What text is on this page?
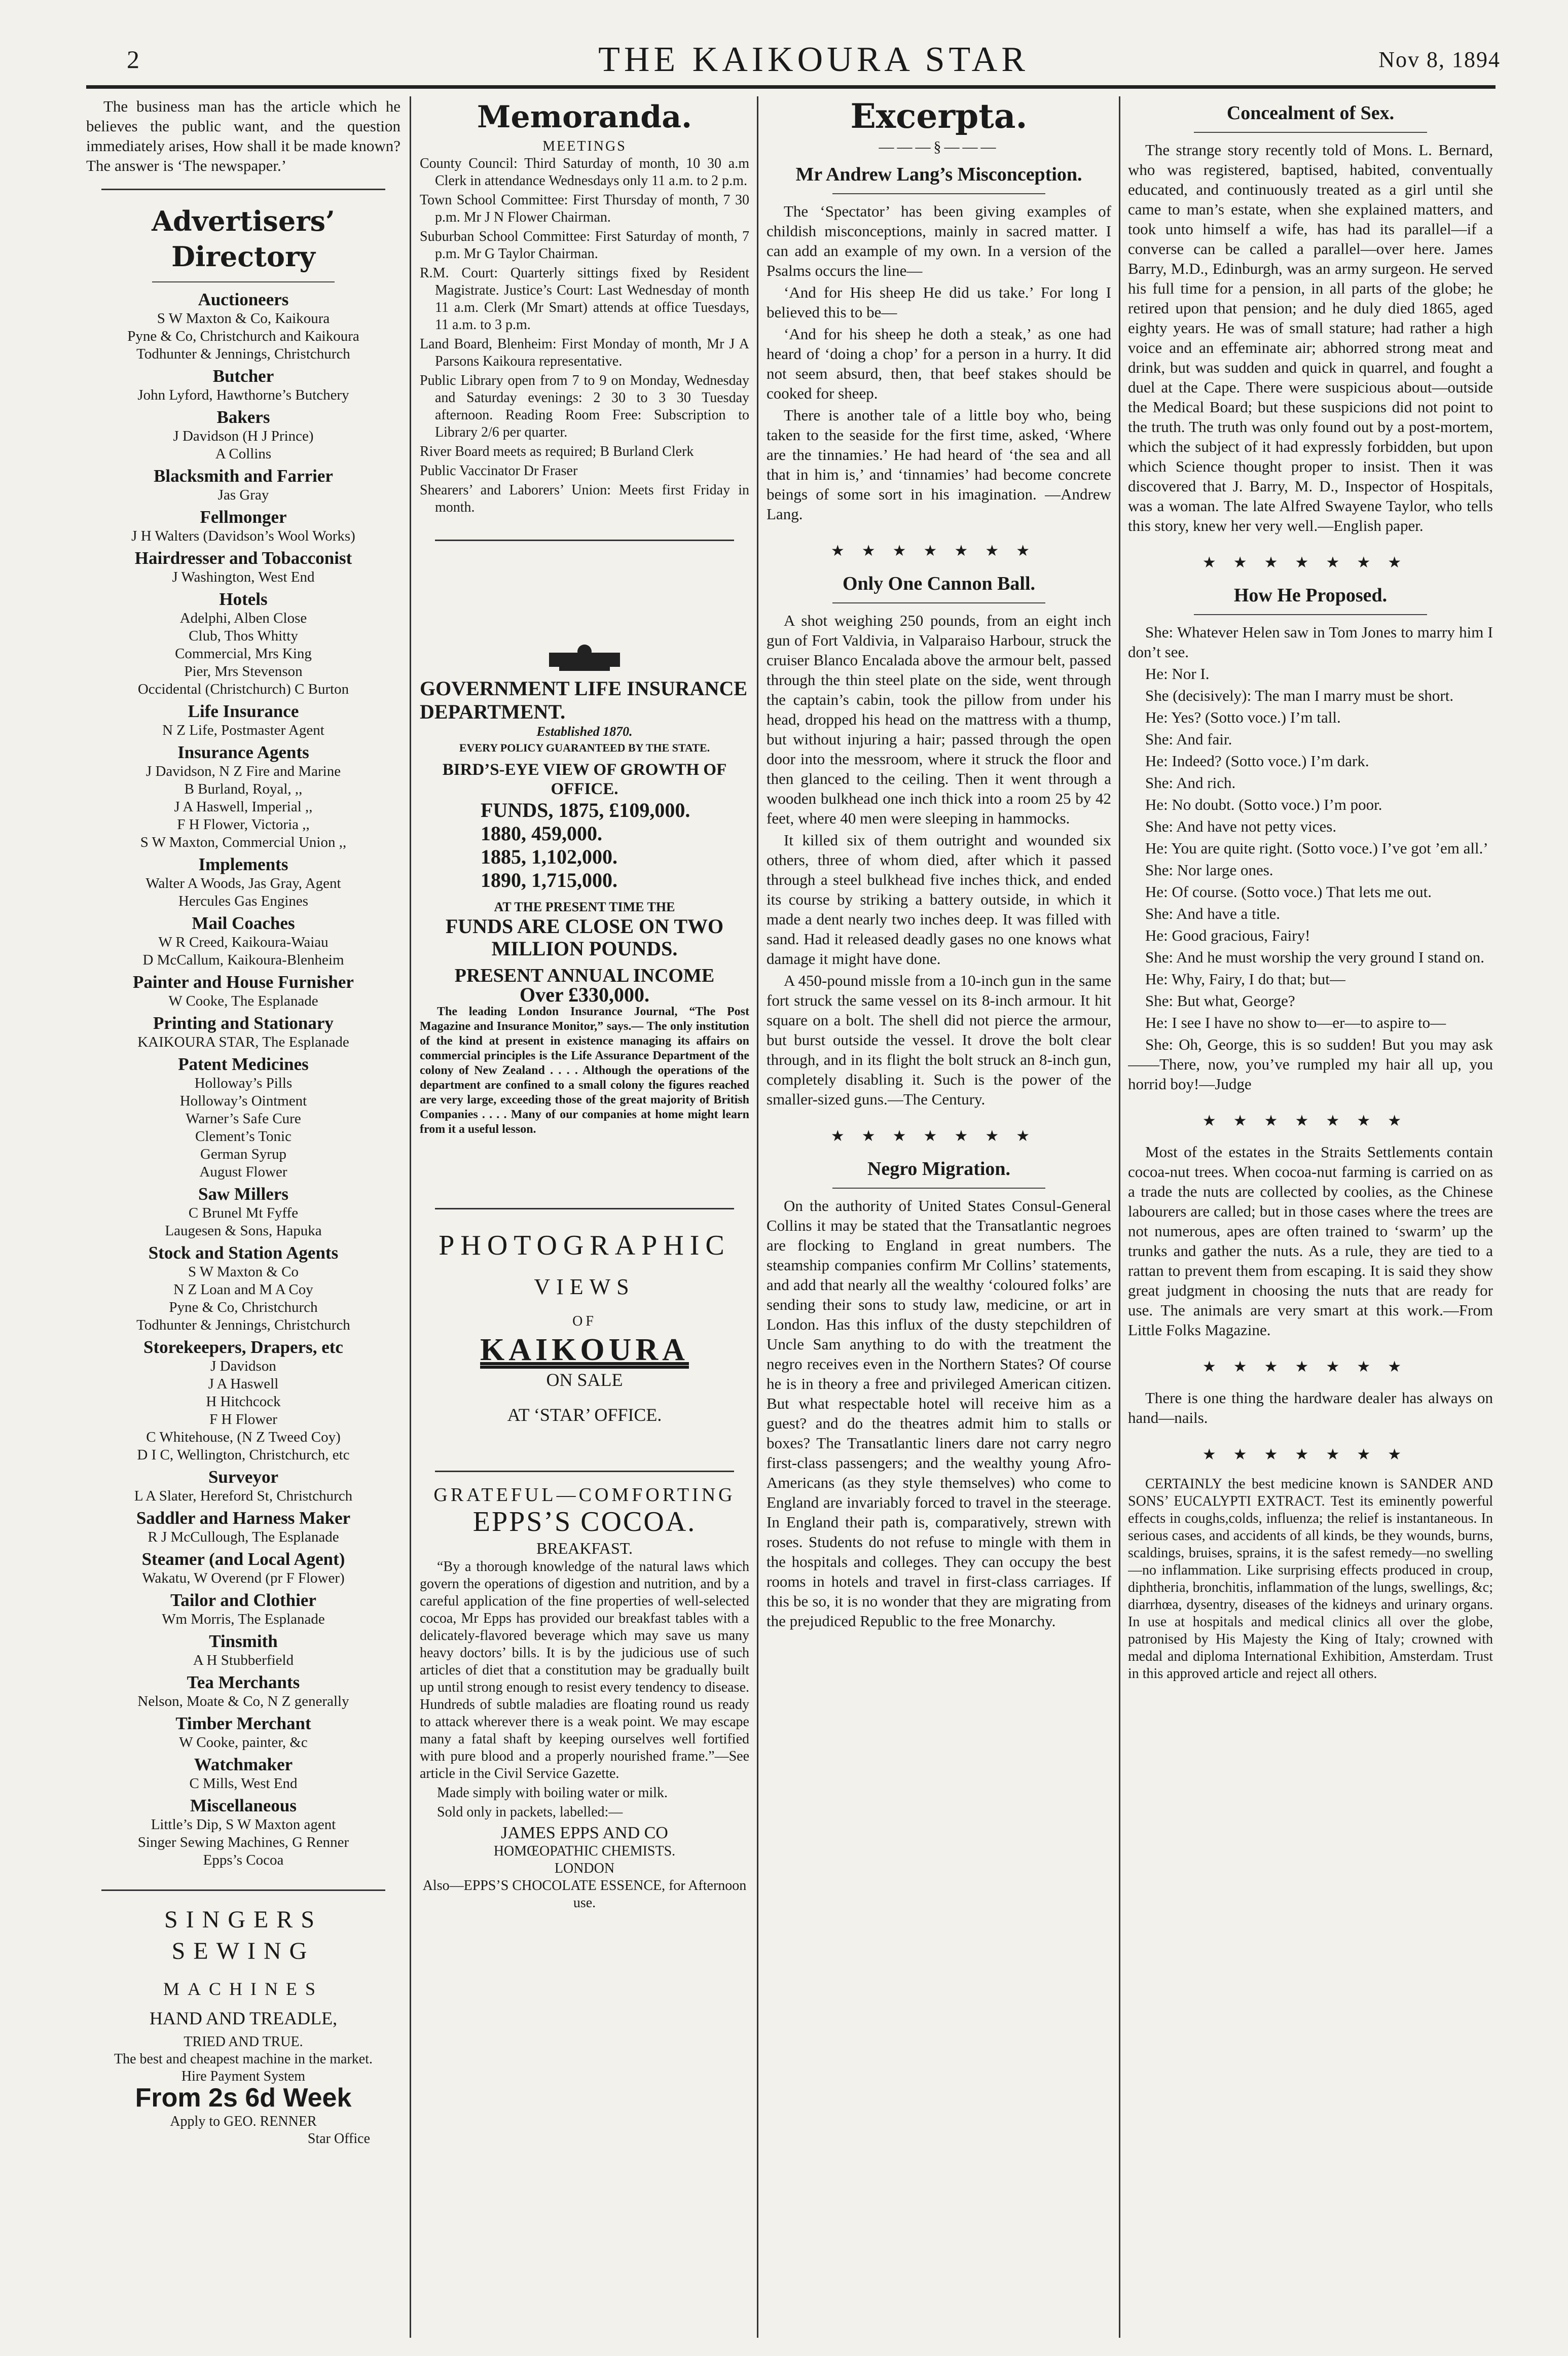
2	THE KAIKOURA STAR	Nov 8, 1894

The business man has the article which he believes the public want, and the question immediately arises, How shall it be made known? The answer is ‘The newspaper.’

Advertisers’ Directory
Auctioneers
S W Maxton & Co, Kaikoura
Pyne & Co, Christchurch and Kaikoura
Todhunter & Jennings, Christchurch
Butcher
John Lyford, Hawthorne’s Butchery
Bakers
J Davidson (H J Prince)
A Collins
Blacksmith and Farrier
Jas Gray
Fellmonger
J H Walters (Davidson’s Wool Works)
Hairdresser and Tobacconist
J Washington, West End
Hotels
Adelphi, Alben Close
Club, Thos Whitty
Commercial, Mrs King
Pier, Mrs Stevenson
Occidental (Christchurch) C Burton
Life Insurance
N Z Life, Postmaster Agent
Insurance Agents
J Davidson, N Z Fire and Marine
B Burland, Royal, ,,
J A Haswell, Imperial ,,
F H Flower, Victoria ,,
S W Maxton, Commercial Union ,,
Implements
Walter A Woods, Jas Gray, Agent
Hercules Gas Engines
Mail Coaches
W R Creed, Kaikoura-Waiau
D McCallum, Kaikoura-Blenheim
Painter and House Furnisher
W Cooke, The Esplanade
Printing and Stationary
KAIKOURA STAR, The Esplanade
Patent Medicines
Holloway’s Pills
Holloway’s Ointment
Warner’s Safe Cure
Clement’s Tonic
German Syrup
August Flower
Saw Millers
C Brunel Mt Fyffe
Laugesen & Sons, Hapuka
Stock and Station Agents
S W Maxton & Co
N Z Loan and M A Coy
Pyne & Co, Christchurch
Todhunter & Jennings, Christchurch
Storekeepers, Drapers, etc
J Davidson
J A Haswell
H Hitchcock
F H Flower
C Whitehouse, (N Z Tweed Coy)
D I C, Wellington, Christchurch, etc
Surveyor
L A Slater, Hereford St, Christchurch
Saddler and Harness Maker
R J McCullough, The Esplanade
Steamer (and Local Agent)
Wakatu, W Overend (pr F Flower)
Tailor and Clothier
Wm Morris, The Esplanade
Tinsmith
A H Stubberfield
Tea Merchants
Nelson, Moate & Co, N Z generally
Timber Merchant
W Cooke, painter, &c
Watchmaker
C Mills, West End
Miscellaneous
Little’s Dip, S W Maxton agent
Singer Sewing Machines, G Renner
Epps’s Cocoa
SINGERS SEWING
MACHINES
HAND AND TREADLE,
TRIED AND TRUE.
The best and cheapest machine in the market.
Hire Payment System
From 2s 6d Week
Apply to GEO. RENNER
Star Office
Memoranda.
MEETINGS

County Council: Third Saturday of month, 10 30 a.m Clerk in attendance Wednesdays only 11 a.m. to 2 p.m.

Town School Committee: First Thursday of month, 7 30 p.m. Mr J N Flower Chairman.

Suburban School Committee: First Saturday of month, 7 p.m. Mr G Taylor Chairman.

R.M. Court: Quarterly sittings fixed by Resident Magistrate. Justice’s Court: Last Wednesday of month 11 a.m. Clerk (Mr Smart) attends at office Tuesdays, 11 a.m. to 3 p.m.

Land Board, Blenheim: First Monday of month, Mr J A Parsons Kaikoura representative.

Public Library open from 7 to 9 on Monday, Wednesday and Saturday evenings: 2 30 to 3 30 Tuesday afternoon. Reading Room Free: Subscription to Library 2/6 per quarter.

River Board meets as required; B Burland Clerk

Public Vaccinator Dr Fraser

Shearers’ and Laborers’ Union: Meets first Friday in month.

GOVERNMENT LIFE INSURANCE DEPARTMENT.
Established 1870.
EVERY POLICY GUARANTEED BY THE STATE.
BIRD’S-EYE VIEW OF GROWTH OF OFFICE.
FUNDS, 1875, £109,000.
1880, 459,000.
1885, 1,102,000.
1890, 1,715,000.
AT THE PRESENT TIME THE
FUNDS ARE CLOSE ON TWO MILLION POUNDS.
PRESENT ANNUAL INCOME
Over £330,000.

The leading London Insurance Journal, “The Post Magazine and Insurance Monitor,” says.— The only institution of the kind at present in existence managing its affairs on commercial principles is the Life Assurance Department of the colony of New Zealand . . . . Although the operations of the department are confined to a small colony the figures reached are very large, exceeding those of the great majority of British Companies . . . . Many of our companies at home might learn from it a useful lesson.

PHOTOGRAPHIC
VIEWS
OF
KAIKOURA
ON SALE
AT ‘STAR’ OFFICE.
GRATEFUL—COMFORTING
EPPS’S COCOA.
BREAKFAST.

“By a thorough knowledge of the natural laws which govern the operations of digestion and nutrition, and by a careful application of the fine properties of well-selected cocoa, Mr Epps has provided our breakfast tables with a delicately-flavored beverage which may save us many heavy doctors’ bills. It is by the judicious use of such articles of diet that a constitution may be gradually built up until strong enough to resist every tendency to disease. Hundreds of subtle maladies are floating round us ready to attack wherever there is a weak point. We may escape many a fatal shaft by keeping ourselves well fortified with pure blood and a properly nourished frame.”—See article in the Civil Service Gazette.

Made simply with boiling water or milk.

Sold only in packets, labelled:—

JAMES EPPS AND CO
HOMŒOPATHIC CHEMISTS.
LONDON
Also—EPPS’S CHOCOLATE ESSENCE, for Afternoon use.
Excerpta.
———§———
Mr Andrew Lang’s Misconception.

The ‘Spectator’ has been giving examples of childish misconceptions, mainly in sacred matter. I can add an example of my own. In a version of the Psalms occurs the line—

‘And for His sheep He did us take.’ For long I believed this to be—

‘And for his sheep he doth a steak,’ as one had heard of ‘doing a chop’ for a person in a hurry. It did not seem absurd, then, that beef stakes should be cooked for sheep.

There is another tale of a little boy who, being taken to the seaside for the first time, asked, ‘Where are the tinnamies.’ He had heard of ‘the sea and all that in him is,’ and ‘tinnamies’ had become concrete beings of some sort in his imagination. —Andrew Lang.

★★★★★★★
Only One Cannon Ball.

A shot weighing 250 pounds, from an eight inch gun of Fort Valdivia, in Valparaiso Harbour, struck the cruiser Blanco Encalada above the armour belt, passed through the thin steel plate on the side, went through the captain’s cabin, took the pillow from under his head, dropped his head on the mattress with a thump, but without injuring a hair; passed through the open door into the messroom, where it struck the floor and then glanced to the ceiling. Then it went through a wooden bulkhead one inch thick into a room 25 by 42 feet, where 40 men were sleeping in hammocks.

It killed six of them outright and wounded six others, three of whom died, after which it passed through a steel bulkhead five inches thick, and ended its course by striking a battery outside, in which it made a dent nearly two inches deep. It was filled with sand. Had it released deadly gases no one knows what damage it might have done.

A 450-pound missle from a 10-inch gun in the same fort struck the same vessel on its 8-inch armour. It hit square on a bolt. The shell did not pierce the armour, but burst outside the vessel. It drove the bolt clear through, and in its flight the bolt struck an 8-inch gun, completely disabling it. Such is the power of the smaller-sized guns.—The Century.

★★★★★★★
Negro Migration.

On the authority of United States Consul-General Collins it may be stated that the Transatlantic negroes are flocking to England in great numbers. The steamship companies confirm Mr Collins’ statements, and add that nearly all the wealthy ‘coloured folks’ are sending their sons to study law, medicine, or art in London. Has this influx of the dusty stepchildren of Uncle Sam anything to do with the treatment the negro receives even in the Northern States? Of course he is in theory a free and privileged American citizen. But what respectable hotel will receive him as a guest? and do the theatres admit him to stalls or boxes? The Transatlantic liners dare not carry negro first-class passengers; and the wealthy young Afro-Americans (as they style themselves) who come to England are invariably forced to travel in the steerage. In England their path is, comparatively, strewn with roses. Students do not refuse to mingle with them in the hospitals and colleges. They can occupy the best rooms in hotels and travel in first-class carriages. If this be so, it is no wonder that they are migrating from the prejudiced Republic to the free Monarchy.

Concealment of Sex.

The strange story recently told of Mons. L. Bernard, who was registered, baptised, habited, conventually educated, and continuously treated as a girl until she came to man’s estate, when she explained matters, and took unto himself a wife, has had its parallel—if a converse can be called a parallel—over here. James Barry, M.D., Edinburgh, was an army surgeon. He served his full time for a pension, in all parts of the globe; he retired upon that pension; and he duly died 1865, aged eighty years. He was of small stature; had rather a high voice and an effeminate air; abhorred strong meat and drink, but was sudden and quick in quarrel, and fought a duel at the Cape. There were suspicious about—outside the Medical Board; but these suspicions did not point to the truth. The truth was only found out by a post-mortem, which the subject of it had expressly forbidden, but upon which Science thought proper to insist. Then it was discovered that J. Barry, M. D., Inspector of Hospitals, was a woman. The late Alfred Swayene Taylor, who tells this story, knew her very well.—English paper.

★★★★★★★
How He Proposed.

She: Whatever Helen saw in Tom Jones to marry him I don’t see.

He: Nor I.

She (decisively): The man I marry must be short.

He: Yes? (Sotto voce.) I’m tall.

She: And fair.

He: Indeed? (Sotto voce.) I’m dark.

She: And rich.

He: No doubt. (Sotto voce.) I’m poor.

She: And have not petty vices.

He: You are quite right. (Sotto voce.) I’ve got ’em all.’

She: Nor large ones.

He: Of course. (Sotto voce.) That lets me out.

She: And have a title.

He: Good gracious, Fairy!

She: And he must worship the very ground I stand on.

He: Why, Fairy, I do that; but—

She: But what, George?

He: I see I have no show to—er—to aspire to—

She: Oh, George, this is so sudden! But you may ask——There, now, you’ve rumpled my hair all up, you horrid boy!—Judge

★★★★★★★

Most of the estates in the Straits Settlements contain cocoa-nut trees. When cocoa-nut farming is carried on as a trade the nuts are collected by coolies, as the Chinese labourers are called; but in those cases where the trees are not numerous, apes are often trained to ‘swarm’ up the trunks and gather the nuts. As a rule, they are tied to a rattan to prevent them from escaping. It is said they show great judgment in choosing the nuts that are ready for use. The animals are very smart at this work.—From Little Folks Magazine.

★★★★★★★

There is one thing the hardware dealer has always on hand—nails.

★★★★★★★

CERTAINLY the best medicine known is SANDER AND SONS’ EUCALYPTI EXTRACT. Test its eminently powerful effects in coughs,colds, influenza; the relief is instantaneous. In serious cases, and accidents of all kinds, be they wounds, burns, scaldings, bruises, sprains, it is the safest remedy—no swelling—no inflammation. Like surprising effects produced in croup, diphtheria, bronchitis, inflammation of the lungs, swellings, &c; diarrhœa, dysentry, diseases of the kidneys and urinary organs. In use at hospitals and medical clinics all over the globe, patronised by His Majesty the King of Italy; crowned with medal and diploma International Exhibition, Amsterdam. Trust in this approved article and reject all others.
